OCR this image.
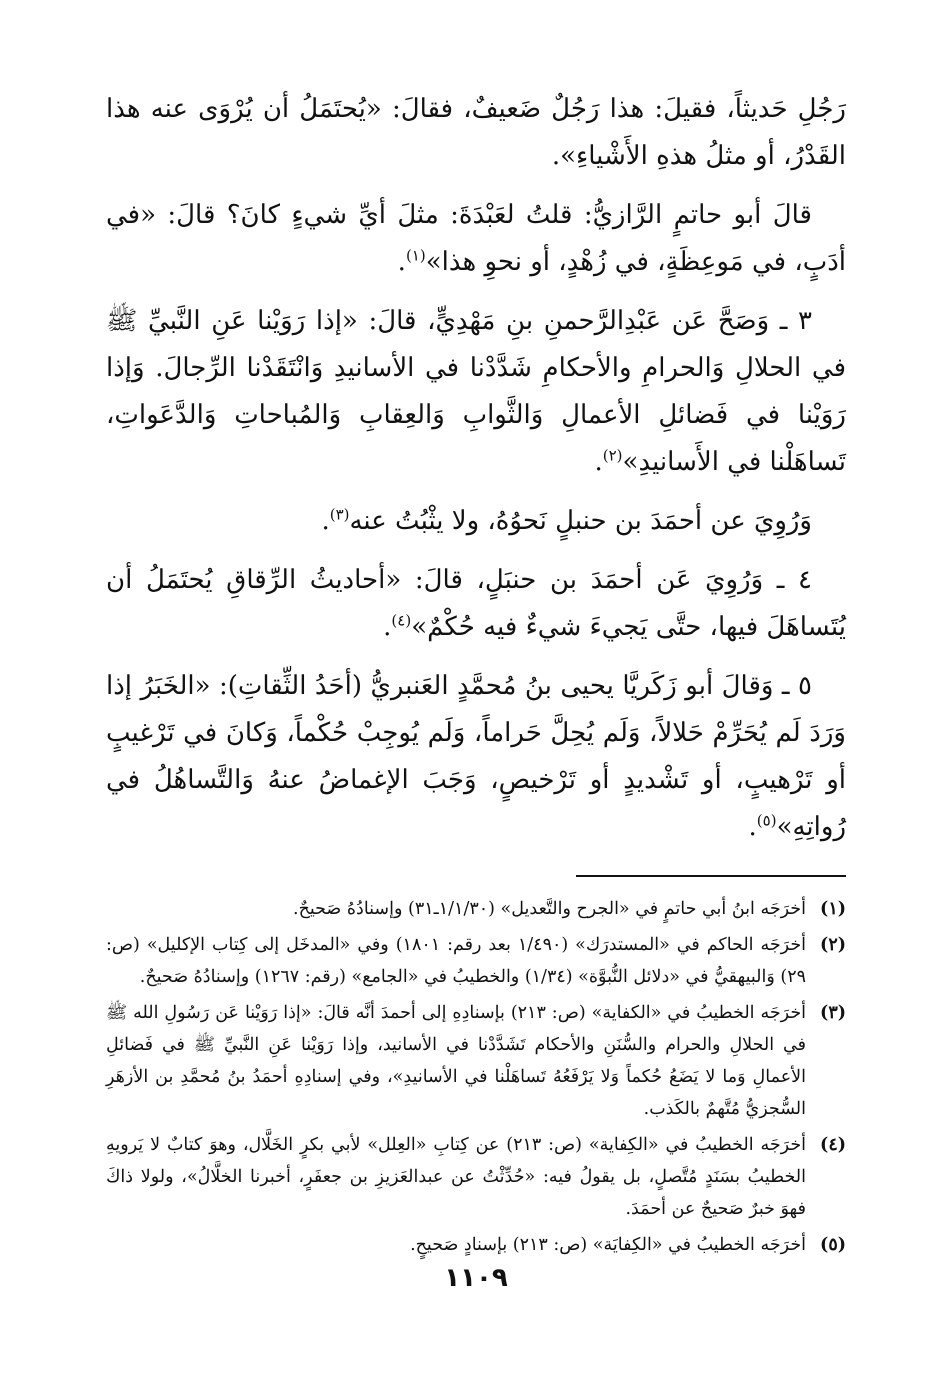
رَجُلِ حَديثاً، فقيلَ: هذا رَجُلٌ ضَعيفٌ، فقالَ: «يُحتَمَلُ أن يُرْوَى عنه هذا القَدْرُ، أو مثلُ هذهِ الأَشْياءِ».

قالَ أبو حاتمٍ الرَّازيُّ: قلتُ لعَبْدَةَ: مثلَ أيِّ شيءٍ كانَ؟ قالَ: «في أدَبٍ، في مَوعِظَةٍ، في زُهْدٍ، أو نحوِ هذا»$^{(١)}$.

٣ ـ وَصَحَّ عَن عَبْدِالرَّحمنِ بنِ مَهْدِيٍّ، قالَ: «إذا رَوَيْنا عَنِ النَّبيِّ ﷺ في الحلالِ وَالحرامِ والأحكامِ شَدَّدْنا في الأسانيدِ وَانْتَقَدْنا الرِّجالَ. وَإذا رَوَيْنا في فَضائلِ الأعمالِ وَالثَّوابِ وَالعِقابِ وَالمُباحاتِ وَالدَّعَواتِ، تَساهَلْنا في الأَسانيدِ»$^{(٢)}$.

وَرُوِيَ عن أحمَدَ بن حنبلٍ نَحوُهُ، ولا يثْبُتُ عنه$^{(٣)}$.

٤ ـ وَرُوِيَ عَن أحمَدَ بن حنبَلٍ، قالَ: «أحاديثُ الرِّقاقِ يُحتَمَلُ أن يُتَساهَلَ فيها، حتَّى يَجيءَ شيءٌ فيه حُكْمٌ»$^{(٤)}$.

٥ ـ وَقالَ أبو زَكَريَّا يحيى بنُ مُحمَّدٍ العَنبريُّ (أحَدُ الثِّقاتِ): «الخَبَرُ إذا وَرَدَ لَم يُحَرِّمْ حَلالاً، وَلَم يُحِلَّ حَراماً، وَلَم يُوجِبْ حُكْماً، وَكانَ في تَرْغيبٍ أو تَرْهيبٍ، أو تَشْديدٍ أو تَرْخيصٍ، وَجَبَ الإغماضُ عنهُ وَالتَّساهُلُ في رُواتِهِ»$^{(٥)}$.

(١)
أخرَجَه ابنُ أبي حاتمٍ في «الجرح والتَّعديل» (١/١/٣٠ـ٣١) وإسنادُهُ صَحيحٌ.
(٢)
أخرَجَه الحاكم في «المستدرَك» (١/٤٩٠ بعد رقم: ١٨٠١) وفي «المدخَل إلى كِتاب الإكليل» (ص: ٢٩) وَالبيهقيُّ في «دلائل النُّبوَّة» (١/٣٤) والخطيبُ في «الجامع» (رقم: ١٢٦٧) وإسنادُهُ صَحيحٌ.
(٣)
أخرَجَه الخطيبُ في «الكفاية» (ص: ٢١٣) بإسنادِهِ إلى أحمدَ أنَّه قالَ: «إذا رَوَيْنا عَن رَسُولِ الله ﷺ في الحلالِ والحرام والسُّنَنِ والأحكام تَشَدَّدْنا في الأسانيد، وإذا رَوَيْنا عَنِ النَّبيِّ ﷺ في فَضائلِ الأعمالِ وَما لا يَضَعُ حُكماً وَلا يَرْفَعُهُ تَساهَلْنا في الأسانيدِ»، وفي إسنادِهِ أحمَدُ بنُ مُحمَّدِ بن الأزهَرِ السُّجزيُّ مُتَّهمٌ بالكَذب.
(٤)
أخرَجَه الخطيبُ في «الكِفاية» (ص: ٢١٣) عن كِتابِ «العِلل» لأبي بكرٍ الخَلَّال، وهوَ كتابٌ لا يَرويهِ الخطيبُ بسَنَدٍ مُتَّصلٍ، بل يقولُ فيه: «حُدِّثْتُ عن عبدالعَزيزِ بن جعفَرٍ، أخبرنا الخلَّالُ»، ولولا ذاكَ فهوَ خبرٌ صَحيحٌ عن أحمَدَ.
(٥)
أخرَجَه الخطيبُ في «الكِفايَة» (ص: ٢١٣) بإسنادٍ صَحيحٍ.
١١٠٩
